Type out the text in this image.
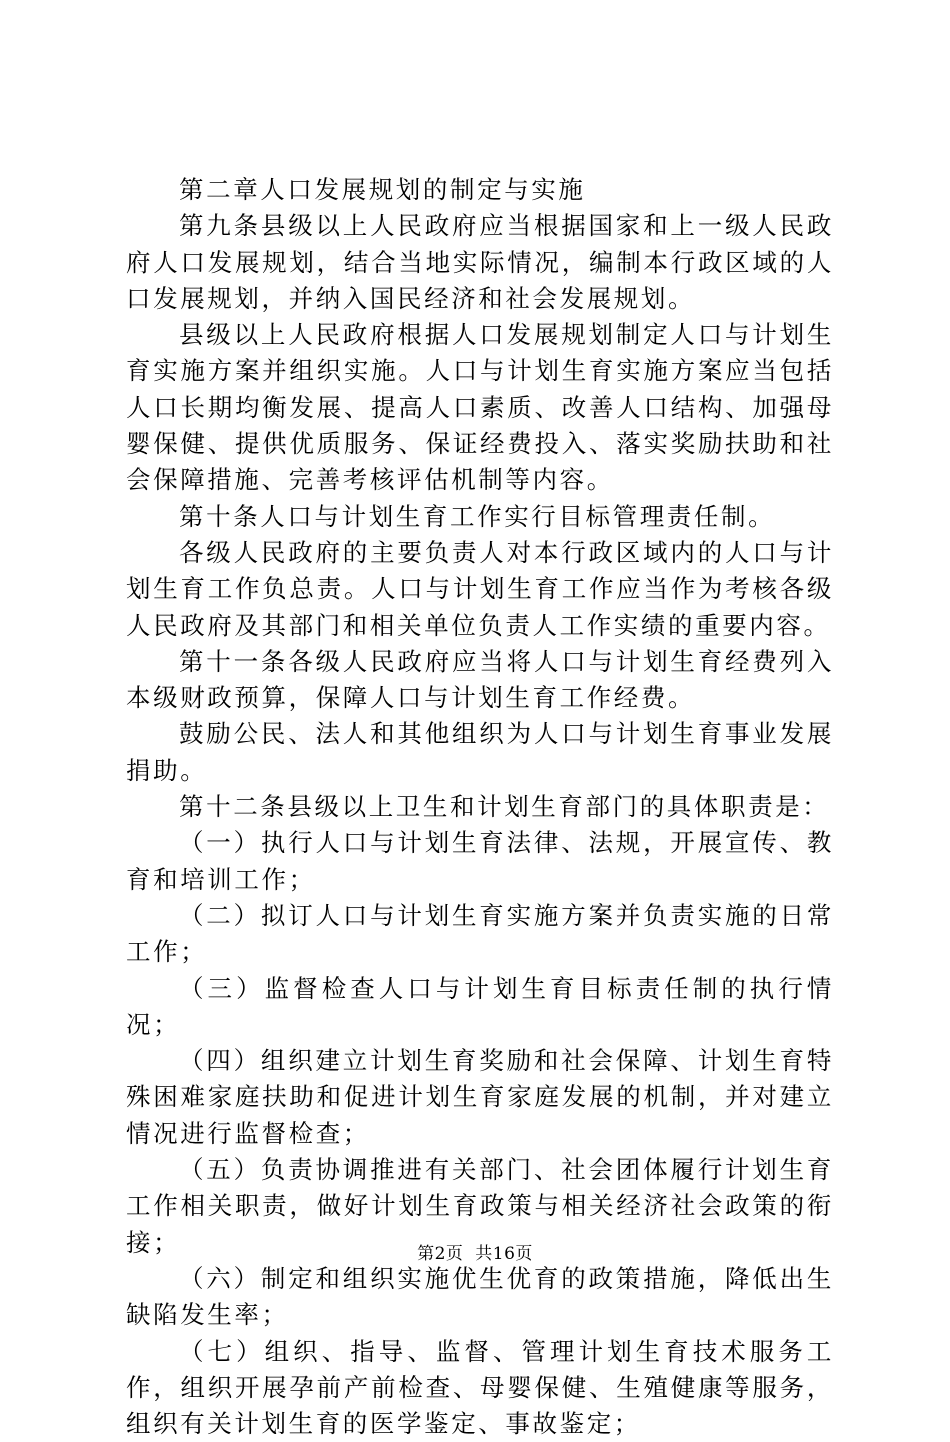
第二章人口发展规划的制定与实施

第九条县级以上人民政府应当根据国家和上一级人民政府人口发展规划，结合当地实际情况，编制本行政区域的人口发展规划，并纳入国民经济和社会发展规划。

县级以上人民政府根据人口发展规划制定人口与计划生育实施方案并组织实施。人口与计划生育实施方案应当包括人口长期均衡发展、提高人口素质、改善人口结构、加强母婴保健、提供优质服务、保证经费投入、落实奖励扶助和社会保障措施、完善考核评估机制等内容。

第十条人口与计划生育工作实行目标管理责任制。

各级人民政府的主要负责人对本行政区域内的人口与计划生育工作负总责。人口与计划生育工作应当作为考核各级人民政府及其部门和相关单位负责人工作实绩的重要内容。

第十一条各级人民政府应当将人口与计划生育经费列入本级财政预算，保障人口与计划生育工作经费。

鼓励公民、法人和其他组织为人口与计划生育事业发展捐助。

第十二条县级以上卫生和计划生育部门的具体职责是：

（一）执行人口与计划生育法律、法规，开展宣传、教育和培训工作；

（二）拟订人口与计划生育实施方案并负责实施的日常工作；

（三）监督检查人口与计划生育目标责任制的执行情况；

（四）组织建立计划生育奖励和社会保障、计划生育特殊困难家庭扶助和促进计划生育家庭发展的机制，并对建立情况进行监督检查；

（五）负责协调推进有关部门、社会团体履行计划生育工作相关职责，做好计划生育政策与相关经济社会政策的衔接；

（六）制定和组织实施优生优育的政策措施，降低出生缺陷发生率；

（七）组织、指导、监督、管理计划生育技术服务工作，组织开展孕前产前检查、母婴保健、生殖健康等服务，组织有关计划生育的医学鉴定、事故鉴定；

第2页 共16页
